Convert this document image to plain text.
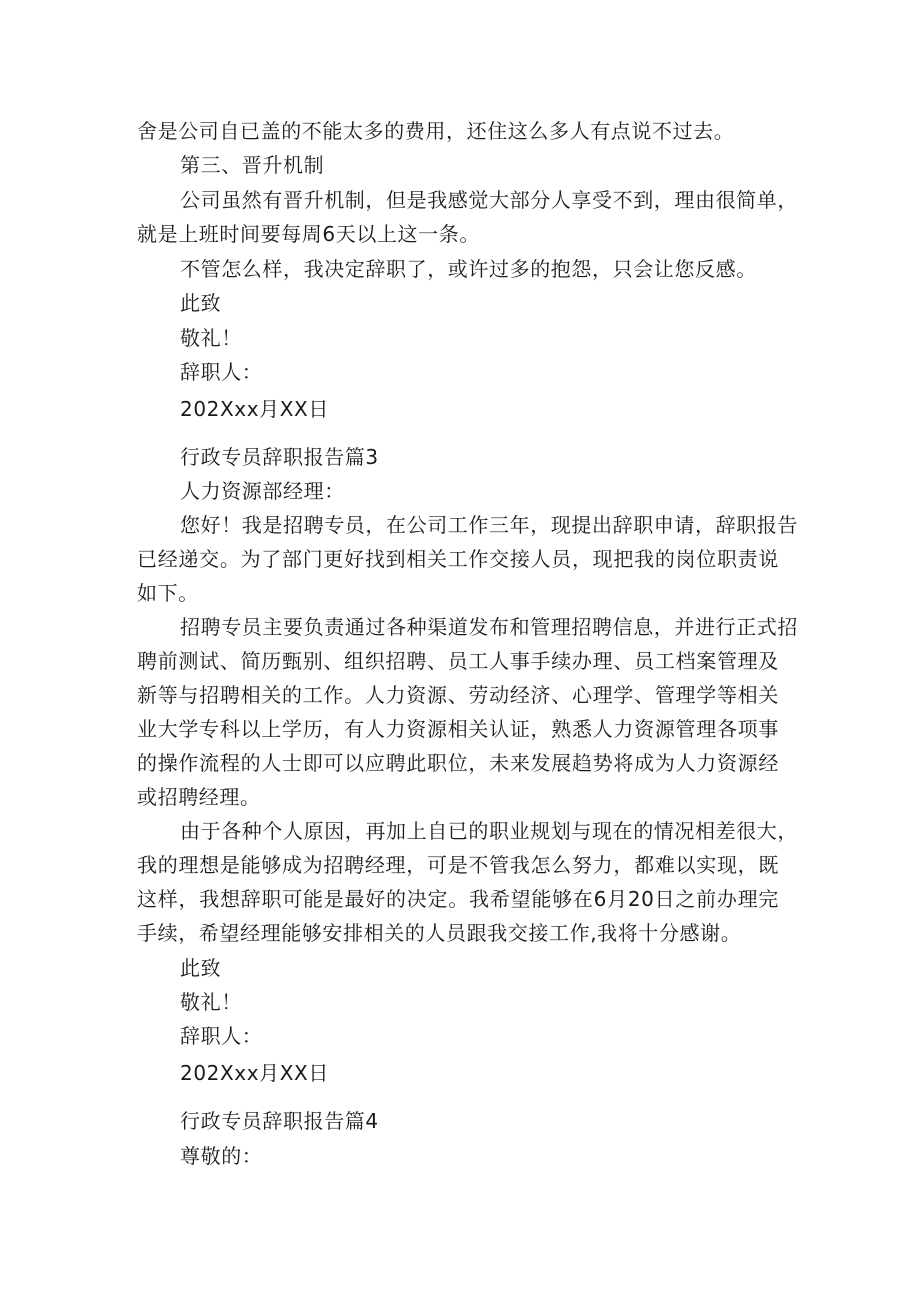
舍是公司自已盖的不能太多的费用，还住这么多人有点说不过去。
第三、晋升机制
公司虽然有晋升机制，但是我感觉大部分人享受不到，理由很简单，
就是上班时间要每周6天以上这一条。
不管怎么样，我决定辞职了，或许过多的抱怨，只会让您反感。
此致
敬礼！
辞职人：
202Xxx月XX日
行政专员辞职报告篇3
人力资源部经理：
您好！我是招聘专员，在公司工作三年，现提出辞职申请，辞职报告
已经递交。为了部门更好找到相关工作交接人员，现把我的岗位职责说
如下。
招聘专员主要负责通过各种渠道发布和管理招聘信息，并进行正式招
聘前测试、简历甄别、组织招聘、员工人事手续办理、员工档案管理及
新等与招聘相关的工作。人力资源、劳动经济、心理学、管理学等相关
业大学专科以上学历，有人力资源相关认证，熟悉人力资源管理各项事
的操作流程的人士即可以应聘此职位，未来发展趋势将成为人力资源经
或招聘经理。
由于各种个人原因，再加上自已的职业规划与现在的情况相差很大，
我的理想是能够成为招聘经理，可是不管我怎么努力，都难以实现，既
这样，我想辞职可能是最好的决定。我希望能够在6月20日之前办理完
手续，希望经理能够安排相关的人员跟我交接工作,我将十分感谢。
此致
敬礼！
辞职人：
202Xxx月XX日
行政专员辞职报告篇4
尊敬的：
